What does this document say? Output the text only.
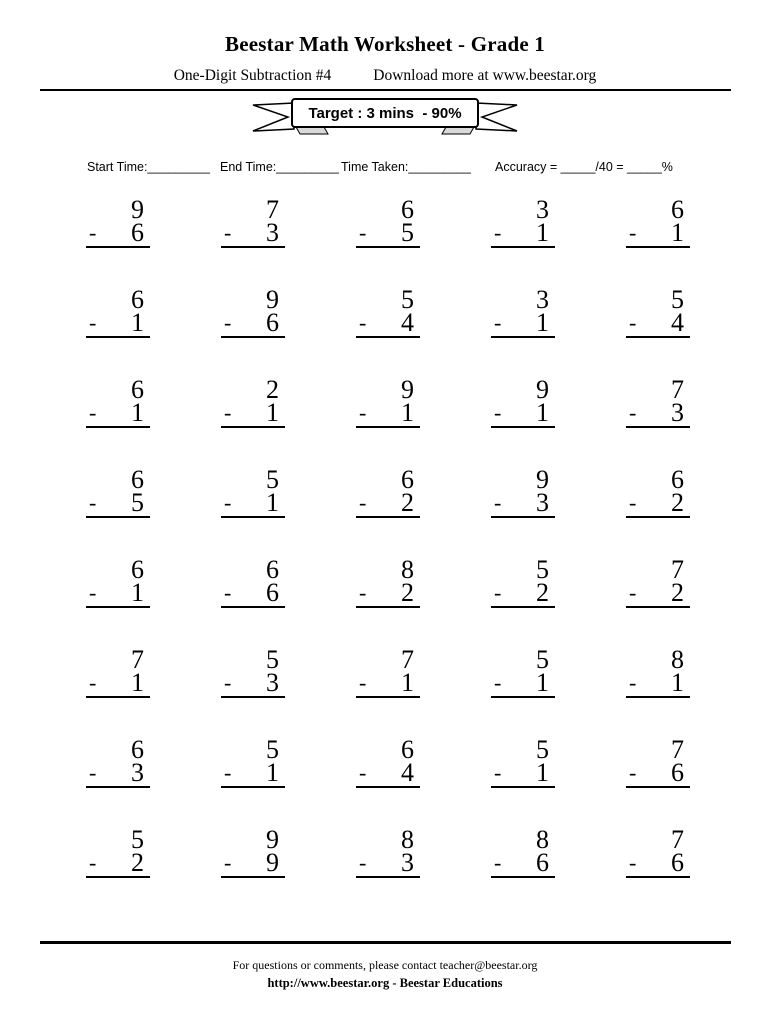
Beestar Math Worksheet - Grade 1
One-Digit Subtraction #4	Download more at www.beestar.org
Target : 3 mins  - 90%
Start Time:_________ End Time:_________ Time Taken:_________ Accuracy = _____/40 = _____%
9
- 6
7
- 3
6
- 5
3
- 1
6
- 1
6
- 1
9
- 6
5
- 4
3
- 1
5
- 4
6
- 1
2
- 1
9
- 1
9
- 1
7
- 3
6
- 5
5
- 1
6
- 2
9
- 3
6
- 2
6
- 1
6
- 6
8
- 2
5
- 2
7
- 2
7
- 1
5
- 3
7
- 1
5
- 1
8
- 1
6
- 3
5
- 1
6
- 4
5
- 1
7
- 6
5
- 2
9
- 9
8
- 3
8
- 6
7
- 6
For questions or comments, please contact teacher@beestar.org
http://www.beestar.org - Beestar Educations
